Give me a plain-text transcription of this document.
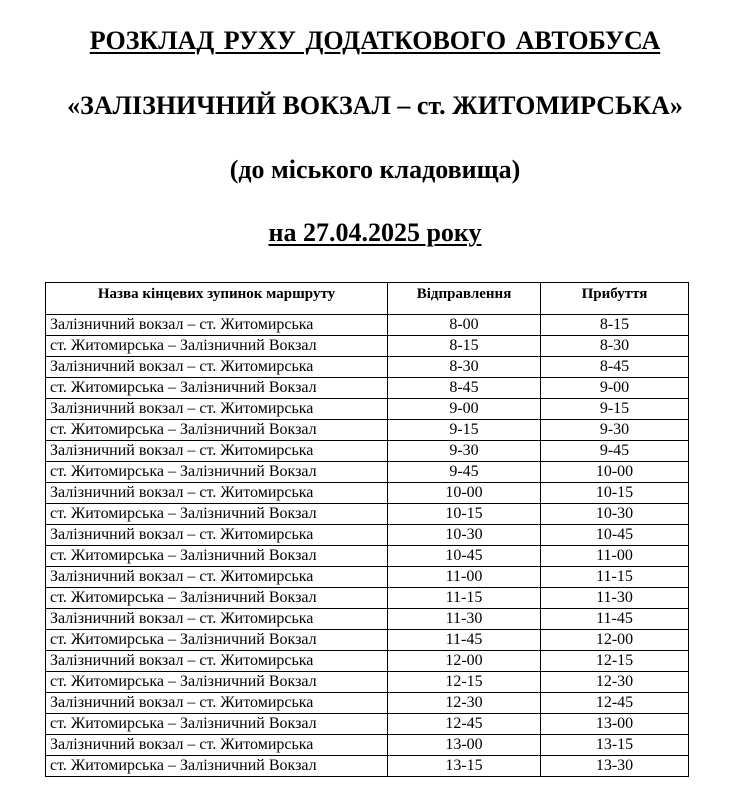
РОЗКЛАД РУХУ ДОДАТКОВОГО АВТОБУСА
«ЗАЛІЗНИЧНИЙ ВОКЗАЛ – ст. ЖИТОМИРСЬКА»
(до міського кладовища)
на 27.04.2025 року
Назва кінцевих зупинок маршруту	Відправлення	Прибуття
Залізничний вокзал – ст. Житомирська	8-00	8-15
ст. Житомирська – Залізничний Вокзал	8-15	8-30
Залізничний вокзал – ст. Житомирська	8-30	8-45
ст. Житомирська – Залізничний Вокзал	8-45	9-00
Залізничний вокзал – ст. Житомирська	9-00	9-15
ст. Житомирська – Залізничний Вокзал	9-15	9-30
Залізничний вокзал – ст. Житомирська	9-30	9-45
ст. Житомирська – Залізничний Вокзал	9-45	10-00
Залізничний вокзал – ст. Житомирська	10-00	10-15
ст. Житомирська – Залізничний Вокзал	10-15	10-30
Залізничний вокзал – ст. Житомирська	10-30	10-45
ст. Житомирська – Залізничний Вокзал	10-45	11-00
Залізничний вокзал – ст. Житомирська	11-00	11-15
ст. Житомирська – Залізничний Вокзал	11-15	11-30
Залізничний вокзал – ст. Житомирська	11-30	11-45
ст. Житомирська – Залізничний Вокзал	11-45	12-00
Залізничний вокзал – ст. Житомирська	12-00	12-15
ст. Житомирська – Залізничний Вокзал	12-15	12-30
Залізничний вокзал – ст. Житомирська	12-30	12-45
ст. Житомирська – Залізничний Вокзал	12-45	13-00
Залізничний вокзал – ст. Житомирська	13-00	13-15
ст. Житомирська – Залізничний Вокзал	13-15	13-30
